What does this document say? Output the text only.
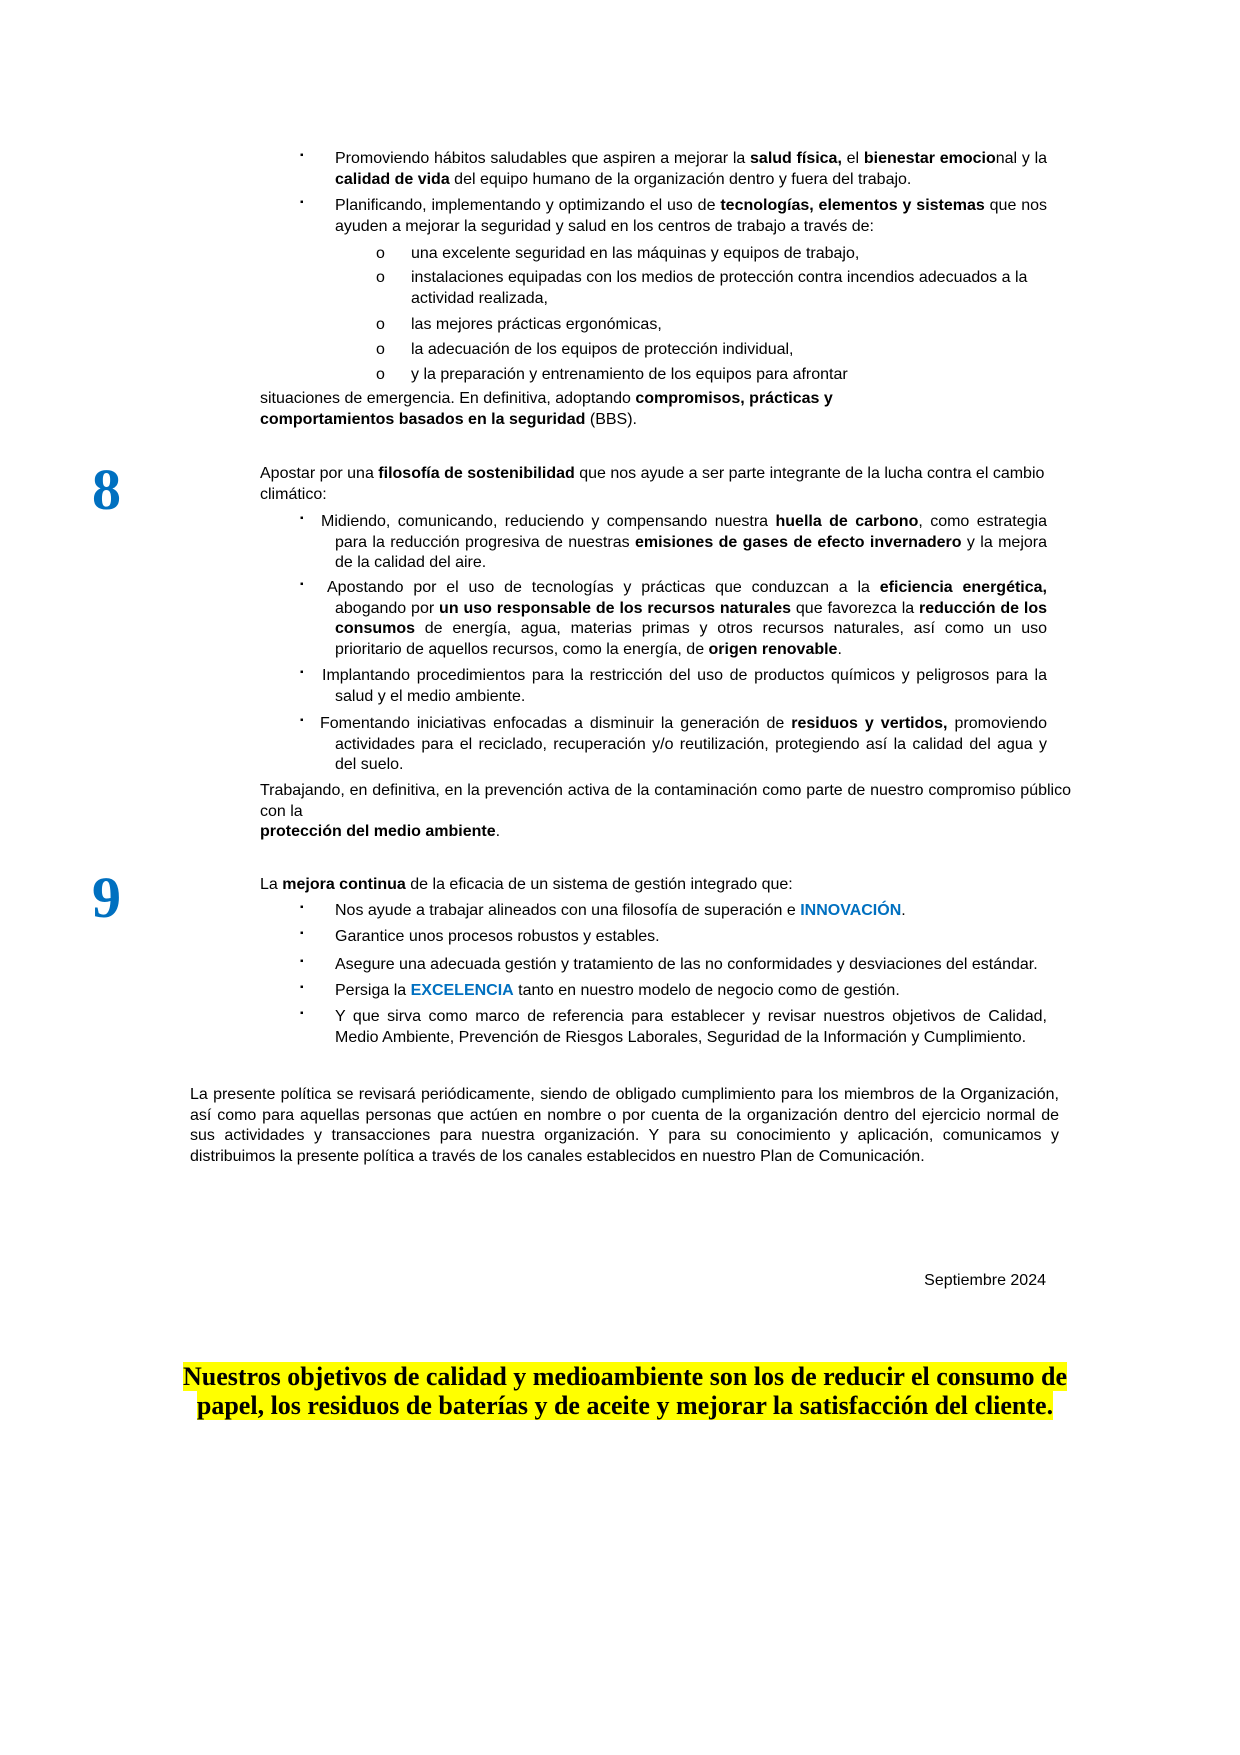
▪ Promoviendo hábitos saludables que aspiren a mejorar la salud física, el bienestar emocional y la calidad de vida del equipo humano de la organización dentro y fuera del trabajo.
▪ Planificando, implementando y optimizando el uso de tecnologías, elementos y sistemas que nos ayuden a mejorar la seguridad y salud en los centros de trabajo a través de:
o una excelente seguridad en las máquinas y equipos de trabajo,
o instalaciones equipadas con los medios de protección contra incendios adecuados a la actividad realizada,
o las mejores prácticas ergonómicas,
o la adecuación de los equipos de protección individual,
o y la preparación y entrenamiento de los equipos para afrontar
situaciones de emergencia. En definitiva, adoptando compromisos, prácticas y comportamientos basados en la seguridad (BBS).
8	Apostar por una filosofía de sostenibilidad que nos ayude a ser parte integrante de la lucha contra el cambio climático:
▪ Midiendo, comunicando, reduciendo y compensando nuestra huella de carbono, como estrategia para la reducción progresiva de nuestras emisiones de gases de efecto invernadero y la mejora de la calidad del aire.
▪ Apostando por el uso de tecnologías y prácticas que conduzcan a la eficiencia energética, abogando por un uso responsable de los recursos naturales que favorezca la reducción de los consumos de energía, agua, materias primas y otros recursos naturales, así como un uso prioritario de aquellos recursos, como la energía, de origen renovable.
▪ Implantando procedimientos para la restricción del uso de productos químicos y peligrosos para la salud y el medio ambiente.
▪ Fomentando iniciativas enfocadas a disminuir la generación de residuos y vertidos, promoviendo actividades para el reciclado, recuperación y/o reutilización, protegiendo así la calidad del agua y del suelo.
Trabajando, en definitiva, en la prevención activa de la contaminación como parte de nuestro compromiso público con la
protección del medio ambiente.
9	La mejora continua de la eficacia de un sistema de gestión integrado que:
▪ Nos ayude a trabajar alineados con una filosofía de superación e INNOVACIÓN.
▪ Garantice unos procesos robustos y estables.
▪ Asegure una adecuada gestión y tratamiento de las no conformidades y desviaciones del estándar.
▪ Persiga la EXCELENCIA tanto en nuestro modelo de negocio como de gestión.
▪ Y que sirva como marco de referencia para establecer y revisar nuestros objetivos de Calidad, Medio Ambiente, Prevención de Riesgos Laborales, Seguridad de la Información y Cumplimiento.
La presente política se revisará periódicamente, siendo de obligado cumplimiento para los miembros de la Organización, así como para aquellas personas que actúen en nombre o por cuenta de la organización dentro del ejercicio normal de sus actividades y transacciones para nuestra organización. Y para su conocimiento y aplicación, comunicamos y distribuimos la presente política a través de los canales establecidos en nuestro Plan de Comunicación.
Septiembre 2024
Nuestros objetivos de calidad y medioambiente son los de reducir el consumo de papel, los residuos de baterías y de aceite y mejorar la satisfacción del cliente.
